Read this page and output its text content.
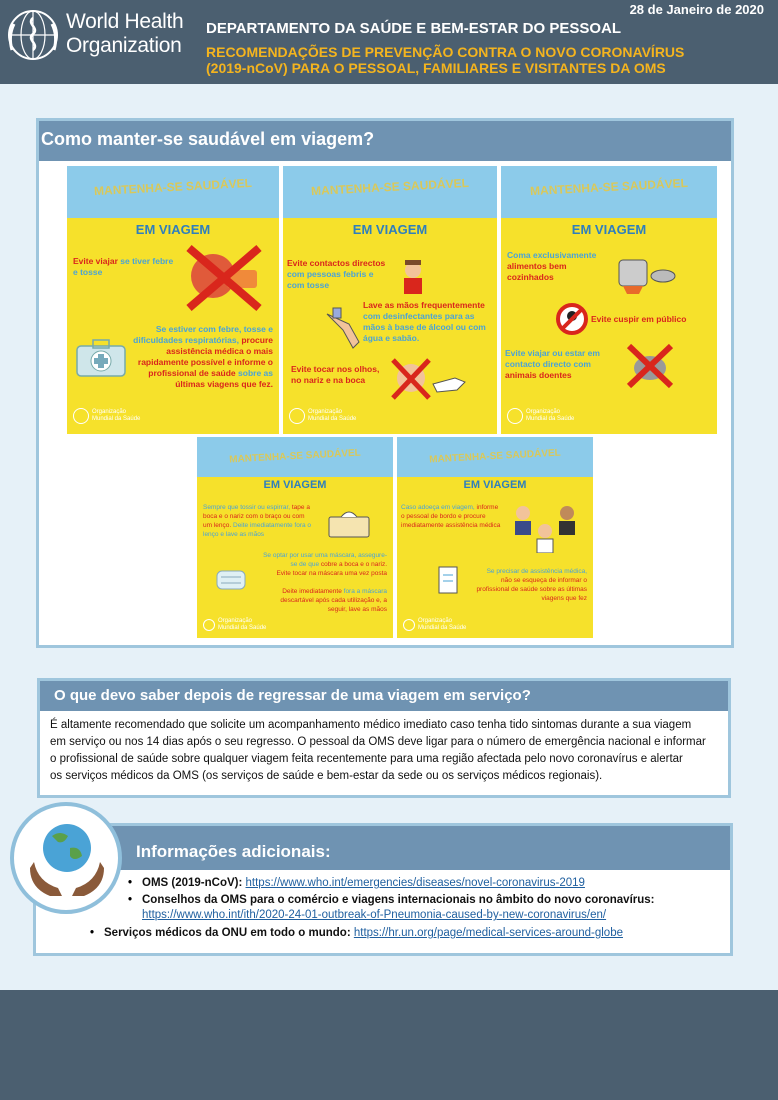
World Health
Organization
28 de Janeiro de 2020
DEPARTAMENTO DA SAÚDE E BEM-ESTAR DO PESSOAL
RECOMENDAÇÕES DE PREVENÇÃO CONTRA O NOVO CORONAVÍRUS
(2019-nCoV) PARA O PESSOAL, FAMILIARES E VISITANTES DA OMS
Como manter-se saudável em viagem?
MANTENHA-SE SAUDÁVEL
EM VIAGEM
Evite viajar se tiver febre
e tosse
Se estiver com febre, tosse e
dificuldades respiratórias, procure
assistência médica o mais
rapidamente possível e informe o
profissional de saúde sobre as
últimas viagens que fez.
Organização
Mundial da Saúde
MANTENHA-SE SAUDÁVEL
EM VIAGEM
Evite contactos directos
com pessoas febris e
com tosse
Lave as mãos frequentemente
com desinfectantes para as
mãos à base de álcool ou com
água e sabão.
Evite tocar nos olhos,
no nariz e na boca
Organização
Mundial da Saúde
MANTENHA-SE SAUDÁVEL
EM VIAGEM
Coma exclusivamente
alimentos bem
cozinhados
Evite cuspir em público
Evite viajar ou estar em
contacto directo com
animais doentes
Organização
Mundial da Saúde
MANTENHA-SE SAUDÁVEL
EM VIAGEM
Sempre que tossir ou espirrar, tape a
boca e o nariz com o braço ou com
um lenço. Deite imediatamente fora o
lenço e lave as mãos
Se optar por usar uma máscara, assegure-
se de que cobre a boca e o nariz.
Evite tocar na máscara uma vez posta
Deite imediatamente fora a máscara
descartável após cada utilização e, a
seguir, lave as mãos
Organização
Mundial da Saúde
MANTENHA-SE SAUDÁVEL
EM VIAGEM
Caso adoeça em viagem, informe
o pessoal de bordo e procure
imediatamente assistência médica
Se precisar de assistência médica,
não se esqueça de informar o
profissional de saúde sobre as últimas
viagens que fez
Organização
Mundial da Saúde
O que devo saber depois de regressar de uma viagem em serviço?
É altamente recomendado que solicite um acompanhamento médico imediato caso tenha tido sintomas durante a sua viagem
em serviço ou nos 14 dias após o seu regresso. O pessoal da OMS deve ligar para o número de emergência nacional e informar
o profissional de saúde sobre qualquer viagem feita recentemente para uma região afectada pelo novo coronavírus e alertar
os serviços médicos da OMS (os serviços de saúde e bem-estar da sede ou os serviços médicos regionais).
Informações adicionais:
• OMS (2019-nCoV): https://www.who.int/emergencies/diseases/novel-coronavirus-2019
• Conselhos da OMS para o comércio e viagens internacionais no âmbito do novo coronavírus:
https://www.who.int/ith/2020-24-01-outbreak-of-Pneumonia-caused-by-new-coronavirus/en/
• Serviços médicos da ONU em todo o mundo: https://hr.un.org/page/medical-services-around-globe
